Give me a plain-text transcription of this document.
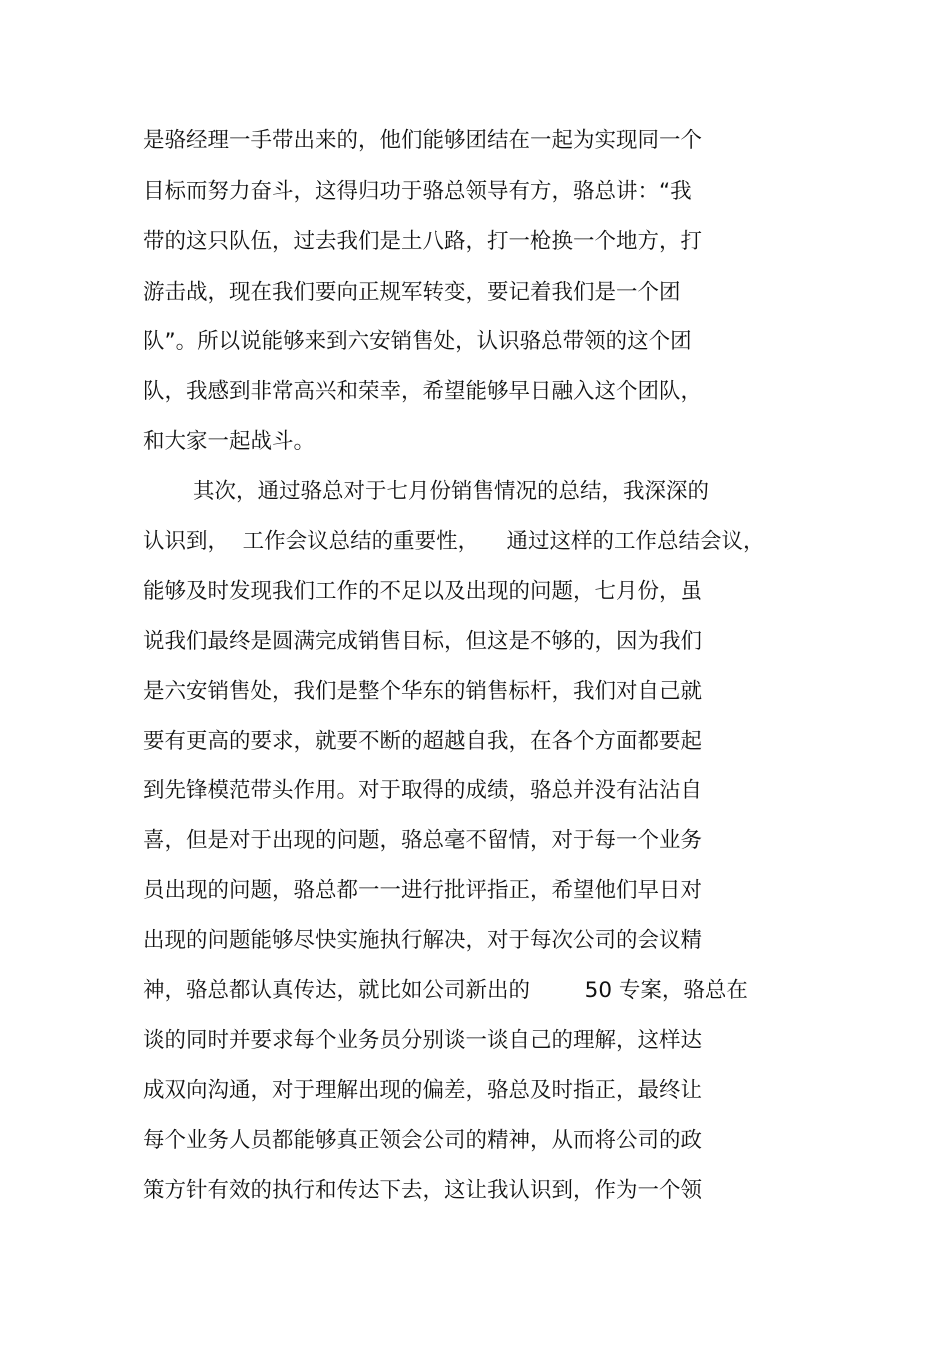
是骆经理一手带出来的，他们能够团结在一起为实现同一个
目标而努力奋斗，这得归功于骆总领导有方，骆总讲：“我
带的这只队伍，过去我们是土八路，打一枪换一个地方，打
游击战，现在我们要向正规军转变，要记着我们是一个团
队”。所以说能够来到六安销售处，认识骆总带领的这个团
队，我感到非常高兴和荣幸，希望能够早日融入这个团队，
和大家一起战斗。
其次，通过骆总对于七月份销售情况的总结，我深深的
认识到，  工作会议总结的重要性，    通过这样的工作总结会议，
能够及时发现我们工作的不足以及出现的问题，七月份，虽
说我们最终是圆满完成销售目标，但这是不够的，因为我们
是六安销售处，我们是整个华东的销售标杆，我们对自己就
要有更高的要求，就要不断的超越自我，在各个方面都要起
到先锋模范带头作用。对于取得的成绩，骆总并没有沾沾自
喜，但是对于出现的问题，骆总毫不留情，对于每一个业务
员出现的问题，骆总都一一进行批评指正，希望他们早日对
出现的问题能够尽快实施执行解决，对于每次公司的会议精
神，骆总都认真传达，就比如公司新出的        50 专案，骆总在
谈的同时并要求每个业务员分别谈一谈自己的理解，这样达
成双向沟通，对于理解出现的偏差，骆总及时指正，最终让
每个业务人员都能够真正领会公司的精神，从而将公司的政
策方针有效的执行和传达下去，这让我认识到，作为一个领
